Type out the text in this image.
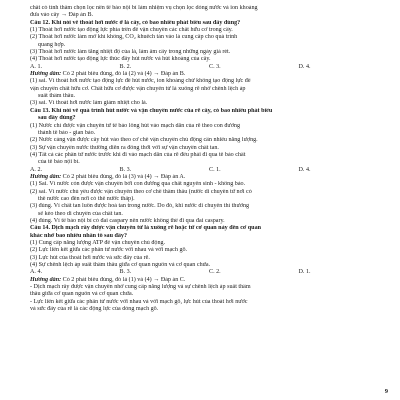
chất có tính thẩm chọn lọc nên tế bào nội bì làm nhiệm vụ chọn lọc dòng nước và ion khoáng
đưa vào cây → Đáp án B.
Câu 12. Khi nói về thoát hơi nước ở lá cây, có bao nhiêu phát biểu sau đây đúng?
(1) Thoát hơi nước tạo động lực phía trên để vận chuyển các chất hữu cơ trong cây.
(2) Thoát hơi nước làm mở khí khổng, CO₂ khuếch tán vào lá cung cấp cho quá trình
quang hợp.
(3) Thoát hơi nước làm tăng nhiệt độ của lá, làm ấm cây trong những ngày giá rét.
(4) Thoát hơi nước tạo động lực thúc đẩy hút nước và hút khoáng của cây.
A. 1.	B. 2.	C. 3.	D. 4.
Hướng dẫn: Có 2 phát biểu đúng, đó là (2) và (4) → Đáp án B.
(1) sai. Vì thoát hơi nước tạo động lực để hút nước, ion khoáng chứ không tạo động lực để
vận chuyển chất hữu cơ. Chất hữu cơ được vận chuyển từ lá xuống rễ nhờ chênh lệch áp
suất thẩm thấu.
(3) sai. Vì thoát hơi nước làm giảm nhiệt cho lá.
Câu 13. Khi nói về quá trình hút nước và vận chuyển nước của rễ cây, có bao nhiêu phát biểu
sau đây đúng?
(1) Nước chỉ được vận chuyển từ tế bào lông hút vào mạch dẫn của rễ theo con đường
thành tế bào - gian bào.
(2) Nước càng vận được cây hút vào theo cơ chế vận chuyển chủ động cần nhiều năng lượng.
(3) Sự vận chuyển nước thường diễn ra đồng thời với sự vận chuyển chất tan.
(4) Tất cả các phân tử nước trước khi đi vào mạch dẫn của rễ đều phải đi qua tế bào chất
của tế bào nội bì.
A. 2.	B. 3.	C. 1.	D. 4.
Hướng dẫn: Có 2 phát biểu đúng, đó là (3) và (4) → Đáp án A.
(1) Sai. Vì nước còn được vận chuyển bởi con đường qua chất nguyên sinh - không bào.
(2) sai. Vì nước chủ yếu được vận chuyển theo cơ chế thẩm thấu (nước di chuyển từ nơi có
thế nước cao đến nơi có thế nước thấp).
(3) đúng. Vì chất tan luôn được hoà tan trong nước. Do đó, khi nước di chuyển thì thường
sẽ kéo theo di chuyển của chất tan.
(4) đúng. Vì tế bào nội bì có đai caspary nên nước không thể đi qua đai caspary.
Câu 14. Dịch mạch rây được vận chuyển từ lá xuống rễ hoặc từ cơ quan này đến cơ quan
khác nhờ bao nhiêu nhân tố sau đây?
(1) Cung cấp năng lượng ATP để vận chuyển chủ động.
(2) Lực liên kết giữa các phân tử nước với nhau và với mạch gỗ.
(3) Lực hút của thoát hơi nước và sức đẩy của rễ.
(4) Sự chênh lệch áp suất thẩm thấu giữa cơ quan nguồn và cơ quan chứa.
A. 4.	B. 3.	C. 2.	D. 1.
Hướng dẫn: Có 2 phát biểu đúng, đó là (1) và (4) → Đáp án C.
- Dịch mạch rây được vận chuyển nhờ cung cấp năng lượng và sự chênh lệch áp suất thẩm
thấu giữa cơ quan nguồn và cơ quan chứa.
- Lực liên kết giữa các phân tử nước với nhau và với mạch gỗ, lực hút của thoát hơi nước
và sức đẩy của rễ là các động lực của dòng mạch gỗ.
9
